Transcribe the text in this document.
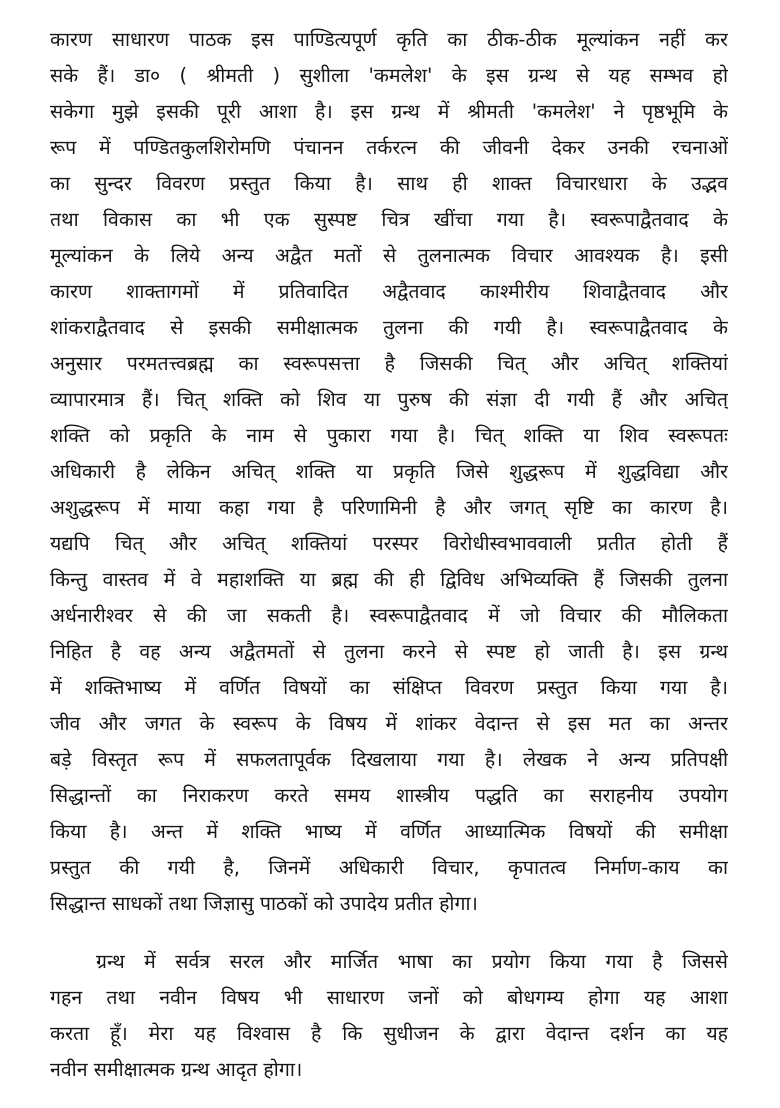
कारण साधारण पाठक इस पाण्डित्यपूर्ण कृति का ठीक-ठीक मूल्यांकन नहीं कर
सके हैं। डा० ( श्रीमती ) सुशीला 'कमलेश' के इस ग्रन्थ से यह सम्भव हो
सकेगा मुझे इसकी पूरी आशा है। इस ग्रन्थ में श्रीमती 'कमलेश' ने पृष्ठभूमि के
रूप में पण्डितकुलशिरोमणि पंचानन तर्करत्न की जीवनी देकर उनकी रचनाओं
का सुन्दर विवरण प्रस्तुत किया है। साथ ही शाक्त विचारधारा के उद्भव
तथा विकास का भी एक सुस्पष्ट चित्र खींचा गया है। स्वरूपाद्वैतवाद के
मूल्यांकन के लिये अन्य अद्वैत मतों से तुलनात्मक विचार आवश्यक है। इसी
कारण शाक्तागमों में प्रतिवादित अद्वैतवाद काश्मीरीय शिवाद्वैतवाद और
शांकराद्वैतवाद से इसकी समीक्षात्मक तुलना की गयी है। स्वरूपाद्वैतवाद के
अनुसार परमतत्त्वब्रह्म का स्वरूपसत्ता है जिसकी चित् और अचित् शक्तियां
व्यापारमात्र हैं। चित् शक्ति को शिव या पुरुष की संज्ञा दी गयी हैं और अचित्
शक्ति को प्रकृति के नाम से पुकारा गया है। चित् शक्ति या शिव स्वरूपतः
अधिकारी है लेकिन अचित् शक्ति या प्रकृति जिसे शुद्धरूप में शुद्धविद्या और
अशुद्धरूप में माया कहा गया है परिणामिनी है और जगत् सृष्टि का कारण है।
यद्यपि चित् और अचित् शक्तियां परस्पर विरोधीस्वभाववाली प्रतीत होती हैं
किन्तु वास्तव में वे महाशक्ति या ब्रह्म की ही द्विविध अभिव्यक्ति हैं जिसकी तुलना
अर्धनारीश्वर से की जा सकती है। स्वरूपाद्वैतवाद में जो विचार की मौलिकता
निहित है वह अन्य अद्वैतमतों से तुलना करने से स्पष्ट हो जाती है। इस ग्रन्थ
में शक्तिभाष्य में वर्णित विषयों का संक्षिप्त विवरण प्रस्तुत किया गया है।
जीव और जगत के स्वरूप के विषय में शांकर वेदान्त से इस मत का अन्तर
बड़े विस्तृत रूप में सफलतापूर्वक दिखलाया गया है। लेखक ने अन्य प्रतिपक्षी
सिद्धान्तों का निराकरण करते समय शास्त्रीय पद्धति का सराहनीय उपयोग
किया है। अन्त में शक्ति भाष्य में वर्णित आध्यात्मिक विषयों की समीक्षा
प्रस्तुत की गयी है, जिनमें अधिकारी विचार, कृपातत्व निर्माण-काय का
सिद्धान्त साधकों तथा जिज्ञासु पाठकों को उपादेय प्रतीत होगा।
ग्रन्थ में सर्वत्र सरल और मार्जित भाषा का प्रयोग किया गया है जिससे
गहन तथा नवीन विषय भी साधारण जनों को बोधगम्य होगा यह आशा
करता हूँ। मेरा यह विश्वास है कि सुधीजन के द्वारा वेदान्त दर्शन का यह
नवीन समीक्षात्मक ग्रन्थ आदृत होगा।
